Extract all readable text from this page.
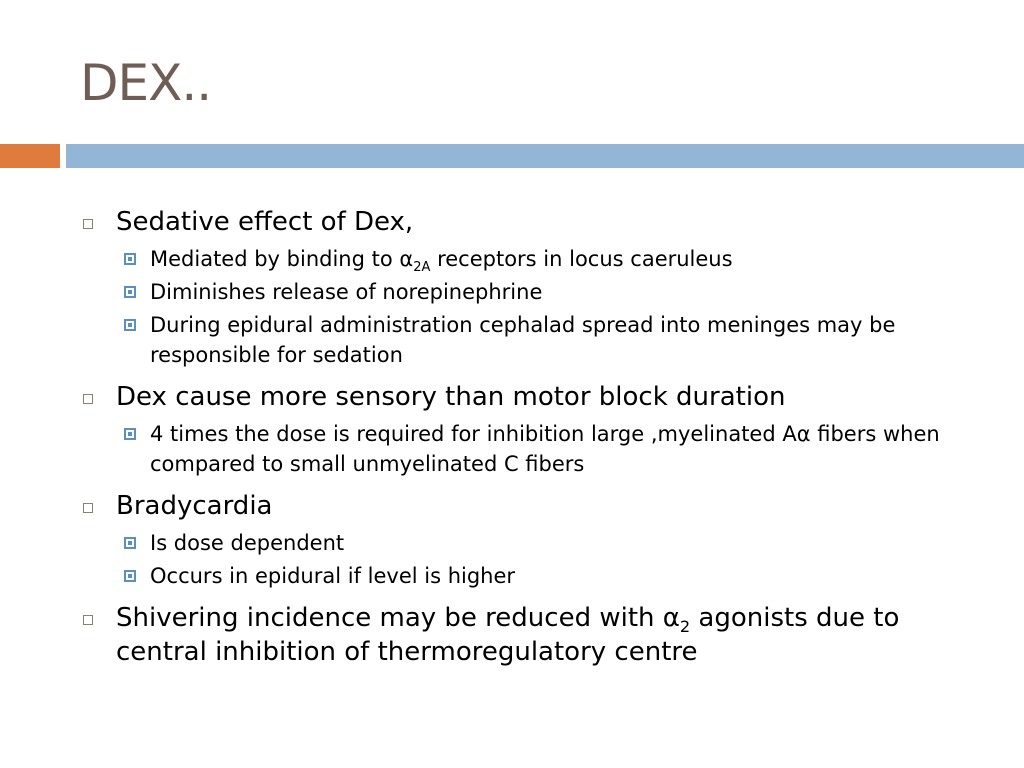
DEX..
Sedative effect of Dex,
Mediated by binding to $\alpha_{2A}$ receptors in locus caeruleus
Diminishes release of norepinephrine
During epidural administration cephalad spread into meninges may be responsible for sedation
Dex cause more sensory than motor block duration
4 times the dose is required for inhibition large ,myelinated Aα fibers when compared to small unmyelinated C fibers
Bradycardia
Is dose dependent
Occurs in epidural if level is higher
Shivering incidence may be reduced with $\alpha_2$ agonists due to central inhibition of thermoregulatory centre
